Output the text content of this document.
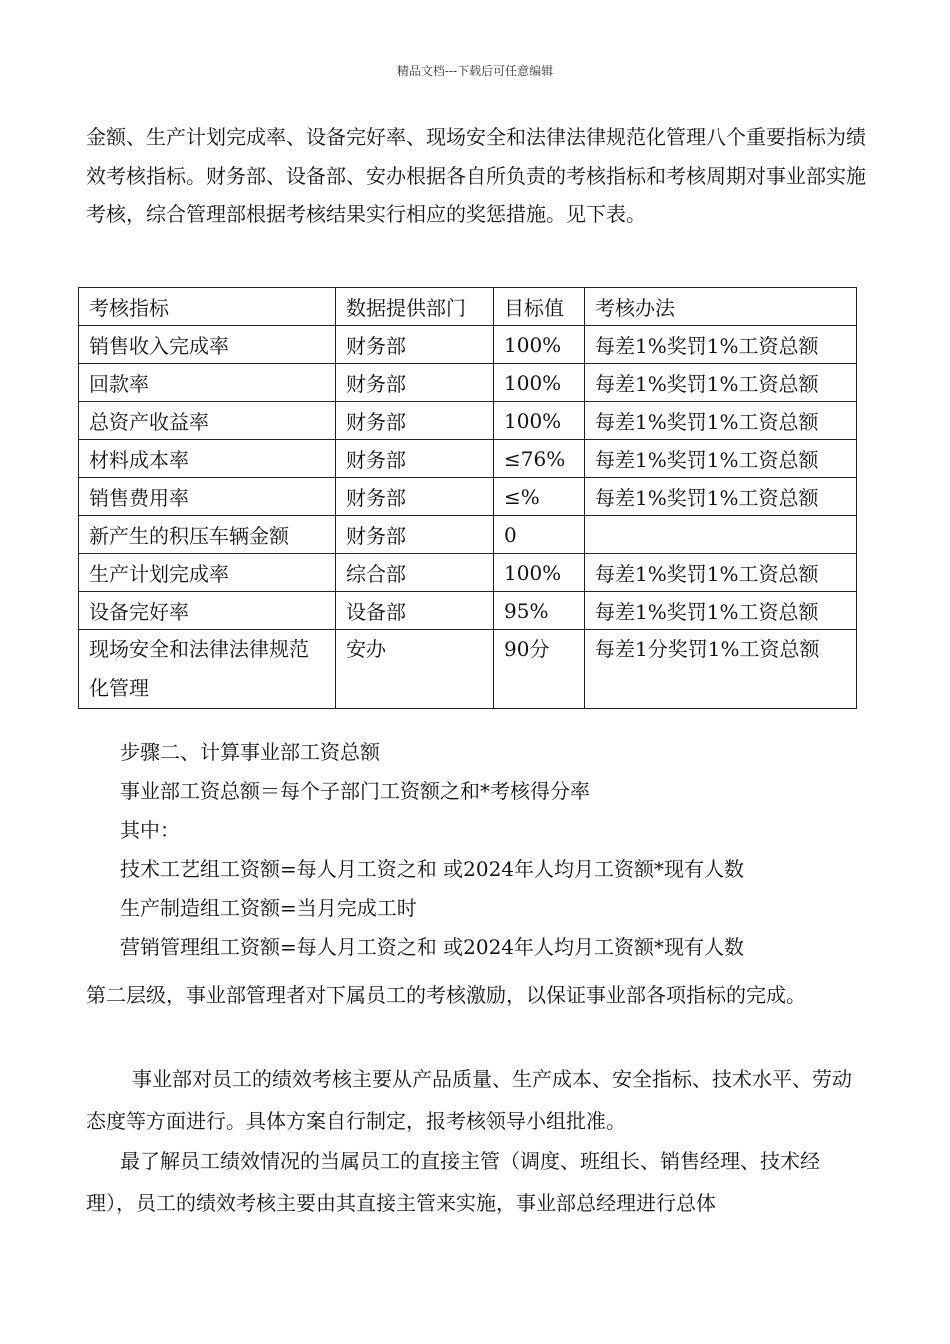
精品文档---下载后可任意编辑
金额、生产计划完成率、设备完好率、现场安全和法律法律规范化管理八个重要指标为绩效考核指标。财务部、设备部、安办根据各自所负责的考核指标和考核周期对事业部实施考核，综合管理部根据考核结果实行相应的奖惩措施。见下表。
考核指标	数据提供部门	目标值	考核办法
销售收入完成率	财务部	100%	每差1%奖罚1%工资总额
回款率	财务部	100%	每差1%奖罚1%工资总额
总资产收益率	财务部	100%	每差1%奖罚1%工资总额
材料成本率	财务部	≤76%	每差1%奖罚1%工资总额
销售费用率	财务部	≤%	每差1%奖罚1%工资总额
新产生的积压车辆金额	财务部	0	
生产计划完成率	综合部	100%	每差1%奖罚1%工资总额
设备完好率	设备部	95%	每差1%奖罚1%工资总额
现场安全和法律法律规范化管理	安办	90分	每差1分奖罚1%工资总额
步骤二、计算事业部工资总额
事业部工资总额＝每个子部门工资额之和*考核得分率
其中：
技术工艺组工资额=每人月工资之和 或2024年人均月工资额*现有人数
生产制造组工资额=当月完成工时
营销管理组工资额=每人月工资之和 或2024年人均月工资额*现有人数
第二层级，事业部管理者对下属员工的考核激励，以保证事业部各项指标的完成。
事业部对员工的绩效考核主要从产品质量、生产成本、安全指标、技术水平、劳动态度等方面进行。具体方案自行制定，报考核领导小组批准。
最了解员工绩效情况的当属员工的直接主管（调度、班组长、销售经理、技术经理），员工的绩效考核主要由其直接主管来实施，事业部总经理进行总体
